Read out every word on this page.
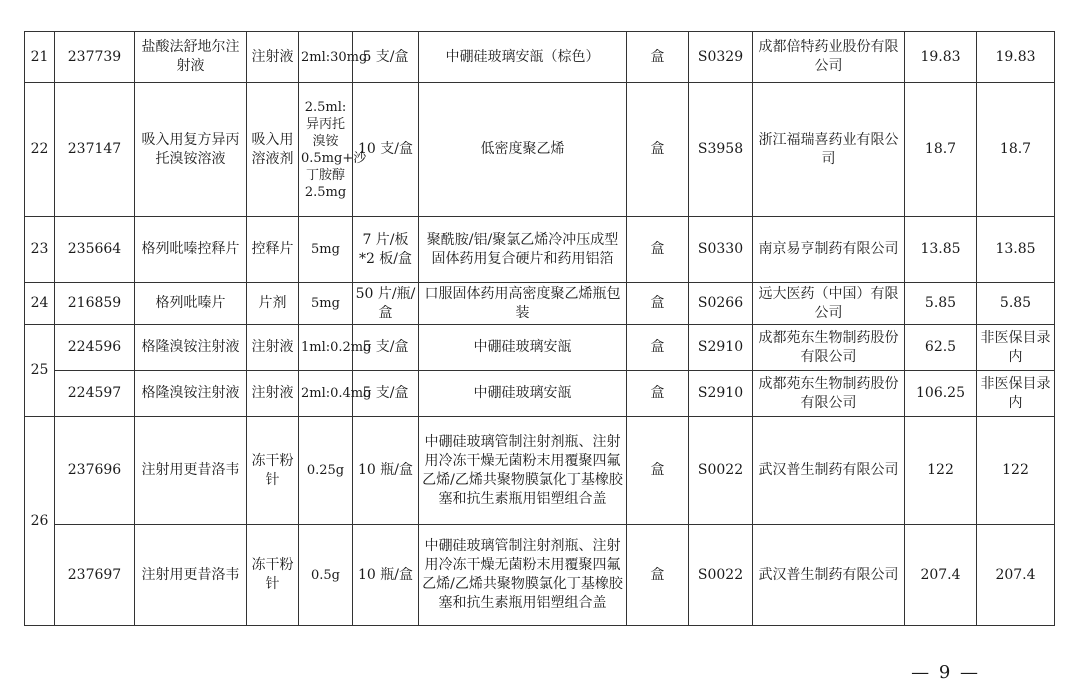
21	237739	盐酸法舒地尔注射液	注射液	2ml:30mg	5 支/盒	中硼硅玻璃安瓿（棕色）	盒	S0329	成都倍特药业股份有限公司	19.83	19.83
22	237147	吸入用复方异丙托溴铵溶液	吸入用溶液剂	2.5ml:异丙托溴铵0.5mg+沙丁胺醇2.5mg	10 支/盒	低密度聚乙烯	盒	S3958	浙江福瑞喜药业有限公司	18.7	18.7
23	235664	格列吡嗪控释片	控释片	5mg	7 片/板*2 板/盒	聚酰胺/铝/聚氯乙烯冷冲压成型固体药用复合硬片和药用铝箔	盒	S0330	南京易亨制药有限公司	13.85	13.85
24	216859	格列吡嗪片	片剂	5mg	50 片/瓶/盒	口服固体药用高密度聚乙烯瓶包装	盒	S0266	远大医药（中国）有限公司	5.85	5.85
25	224596	格隆溴铵注射液	注射液	1ml:0.2mg	5 支/盒	中硼硅玻璃安瓿	盒	S2910	成都苑东生物制药股份有限公司	62.5	非医保目录内
	224597	格隆溴铵注射液	注射液	2ml:0.4mg	5 支/盒	中硼硅玻璃安瓿	盒	S2910	成都苑东生物制药股份有限公司	106.25	非医保目录内
26	237696	注射用更昔洛韦	冻干粉针	0.25g	10 瓶/盒	中硼硅玻璃管制注射剂瓶、注射用冷冻干燥无菌粉末用覆聚四氟乙烯/乙烯共聚物膜氯化丁基橡胶塞和抗生素瓶用铝塑组合盖	盒	S0022	武汉普生制药有限公司	122	122
	237697	注射用更昔洛韦	冻干粉针	0.5g	10 瓶/盒	中硼硅玻璃管制注射剂瓶、注射用冷冻干燥无菌粉末用覆聚四氟乙烯/乙烯共聚物膜氯化丁基橡胶塞和抗生素瓶用铝塑组合盖	盒	S0022	武汉普生制药有限公司	207.4	207.4
— 9 —
